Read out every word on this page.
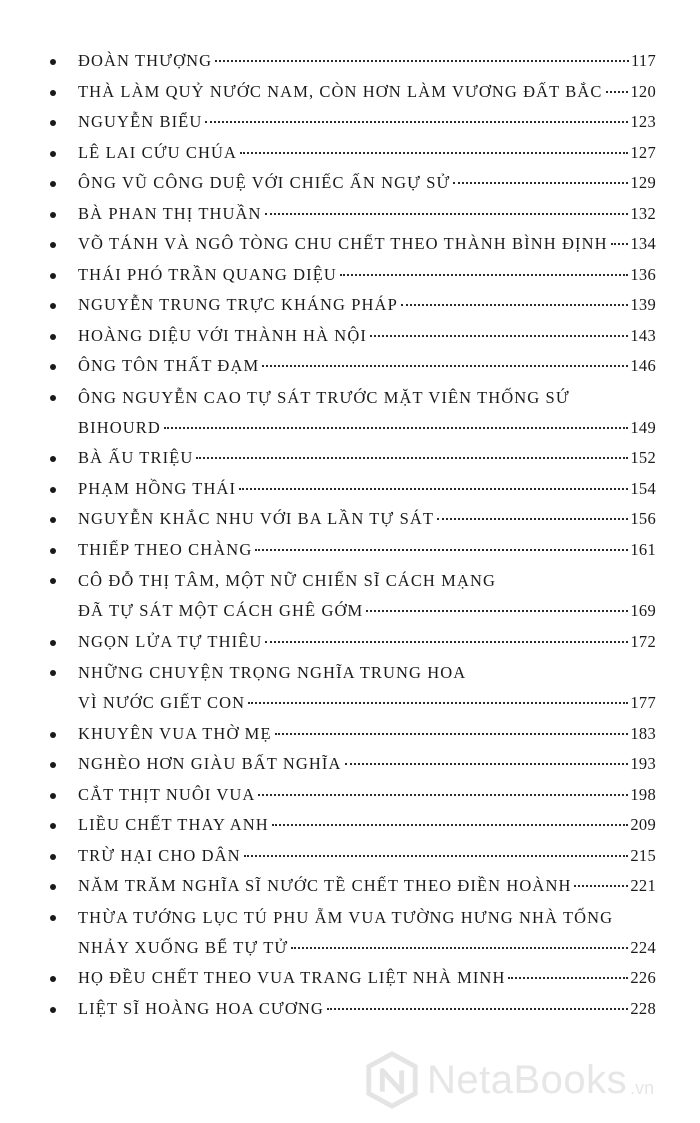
ĐOÀN THƯỢNG	117
THÀ LÀM QUỶ NƯỚC NAM, CÒN HƠN LÀM VƯƠNG ĐẤT BẮC 120
NGUYỄN BIỂU	123
LÊ LAI CỨU CHÚA	127
ÔNG VŨ CÔNG DUỆ VỚI CHIẾC ẤN NGỰ SỬ	129
BÀ PHAN THỊ THUẦN	132
VÕ TÁNH VÀ NGÔ TÒNG CHU CHẾT THEO THÀNH BÌNH ĐỊNH 134
THÁI PHÓ TRẦN QUANG DIỆU	136
NGUYỄN TRUNG TRỰC KHÁNG PHÁP	139
HOÀNG DIỆU VỚI THÀNH HÀ NỘI	143
ÔNG TÔN THẤT ĐẠM	146
ÔNG NGUYỄN CAO TỰ SÁT TRƯỚC MẶT VIÊN THỐNG SỨ
BIHOURD	149
BÀ ẤU TRIỆU	152
PHẠM HỒNG THÁI	154
NGUYỄN KHẮC NHU VỚI BA LẦN TỰ SÁT	156
THIẾP THEO CHÀNG	161
CÔ ĐỖ THỊ TÂM, MỘT NỮ CHIẾN SĨ CÁCH MẠNG
ĐÃ TỰ SÁT MỘT CÁCH GHÊ GỚM	169
NGỌN LỬA TỰ THIÊU	172
NHỮNG CHUYỆN TRỌNG NGHĨA TRUNG HOA
VÌ NƯỚC GIẾT CON	177
KHUYÊN VUA THỜ MẸ	183
NGHÈO HƠN GIÀU BẤT NGHĨA	193
CẮT THỊT NUÔI VUA	198
LIỀU CHẾT THAY ANH	209
TRỪ HẠI CHO DÂN	215
NĂM TRĂM NGHĨA SĨ NƯỚC TỀ CHẾT THEO ĐIỀN HOÀNH	221
THỪA TƯỚNG LỤC TÚ PHU ẴM VUA TƯỜNG HƯNG NHÀ TỐNG
NHẢY XUỐNG BỂ TỰ TỬ	224
HỌ ĐỀU CHẾT THEO VUA TRANG LIỆT NHÀ MINH	226
LIỆT SĨ HOÀNG HOA CƯƠNG	228
NetaBooks .vn
